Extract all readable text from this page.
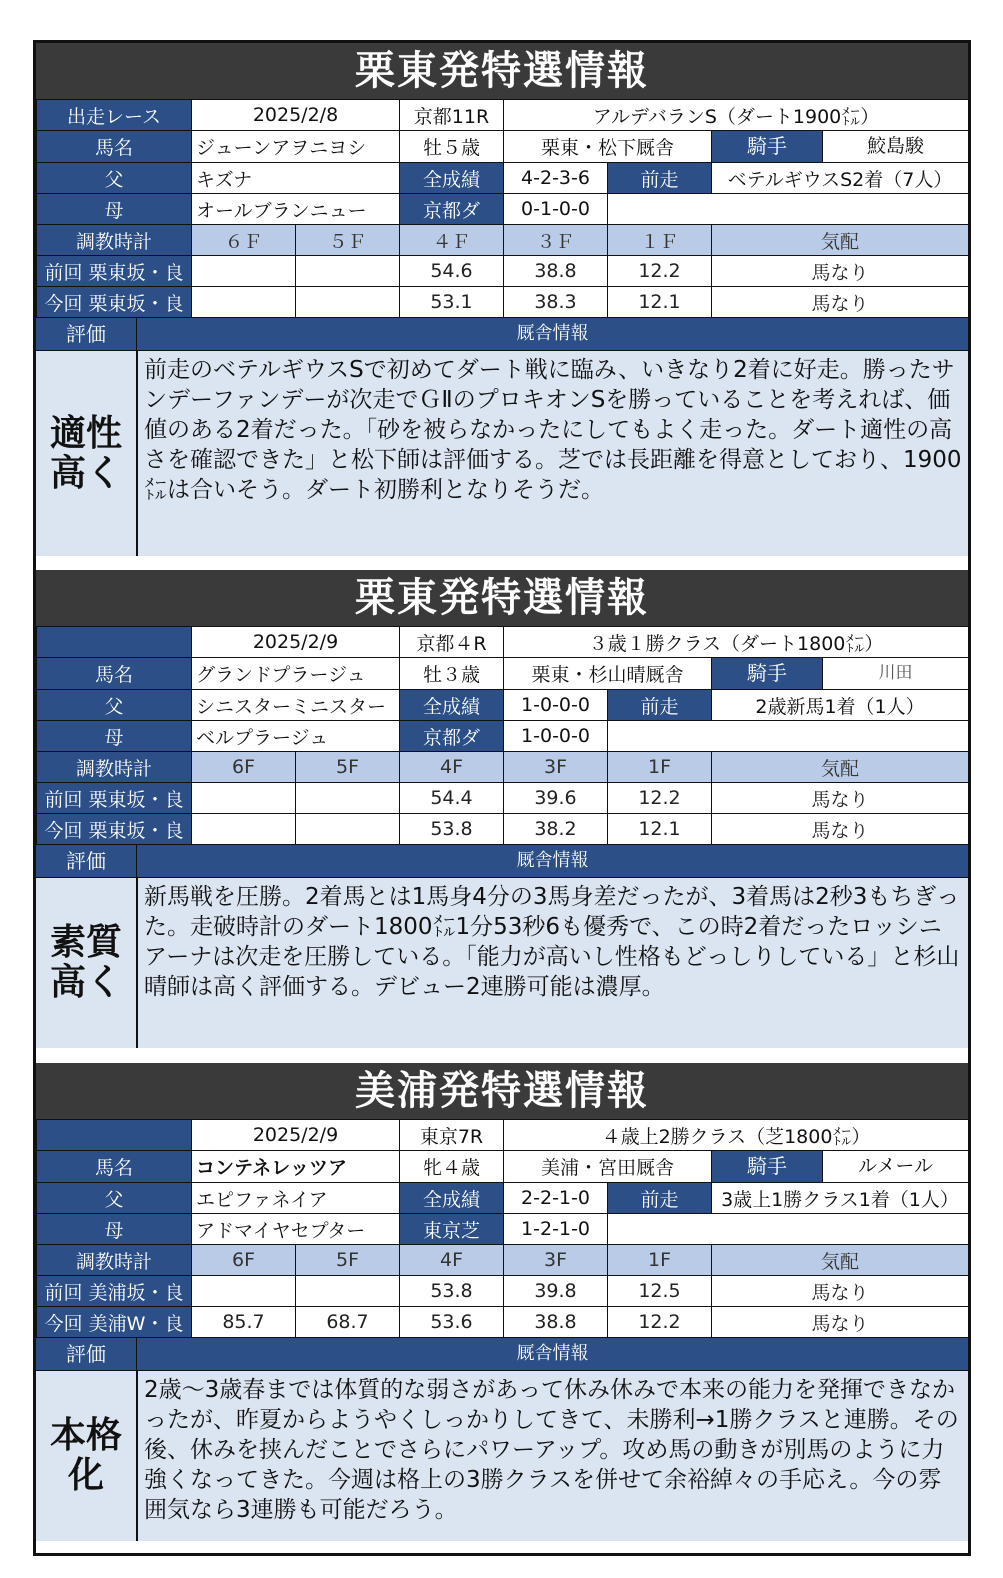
栗東発特選情報
出走レース	2025/2/8		京都11R	アルデバランS（ダート1900㍍）		
馬名	ジューンアヲニヨシ		牡５歳	栗東・松下厩舎		騎手 鮫島駿

父	キズナ		全成績	4-2-3-6	前走	ベテルギウスS2着（7人）
母	オールブランニュー		京都ダ	0-1-0-0		
調教時計	６Ｆ	５Ｆ	４Ｆ	３Ｆ	１Ｆ	気配
前回 栗東坂・良			54.6	38.8	12.2	馬なり
今回 栗東坂・良			53.1	38.3	12.1	馬なり
評価	厩舎情報
適性
高く
前走のベテルギウスSで初めてダート戦に臨み、いきなり2着に好走。勝ったサンデーファンデーが次走でＧⅡのプロキオンSを勝っていることを考えれば、価値のある2着だった。「砂を被らなかったにしてもよく走った。ダート適性の高さを確認できた」と松下師は評価する。芝では長距離を得意としており、1900㍍は合いそう。ダート初勝利となりそうだ。
栗東発特選情報
	2025/2/9		京都４R	３歳１勝クラス（ダート1800㍍）		
馬名	グランドプラージュ		牡３歳	栗東・杉山晴厩舎		騎手 川田

父	シニスターミニスター		全成績	1-0-0-0	前走	2歳新馬1着（1人）
母	ベルプラージュ		京都ダ	1-0-0-0		
調教時計	6F	5F	4F	3F	1F	気配
前回 栗東坂・良			54.4	39.6	12.2	馬なり
今回 栗東坂・良			53.8	38.2	12.1	馬なり
評価	厩舎情報
素質
高く
新馬戦を圧勝。2着馬とは1馬身4分の3馬身差だったが、3着馬は2秒3もちぎった。走破時計のダート1800㍍1分53秒6も優秀で、この時2着だったロッシニアーナは次走を圧勝している。「能力が高いし性格もどっしりしている」と杉山晴師は高く評価する。デビュー2連勝可能は濃厚。
美浦発特選情報
	2025/2/9		東京7R	４歳上2勝クラス（芝1800㍍）		
馬名	コンテネレッツア		牝４歳	美浦・宮田厩舎		騎手 ルメール

父	エピファネイア		全成績	2-2-1-0	前走	3歳上1勝クラス1着（1人）
母	アドマイヤセプター		東京芝	1-2-1-0		
調教時計	6F	5F	4F	3F	1F	気配
前回 美浦坂・良			53.8	39.8	12.5	馬なり
今回 美浦W・良	85.7	68.7	53.6	38.8	12.2	馬なり
評価	厩舎情報
本格
化
2歳～3歳春までは体質的な弱さがあって休み休みで本来の能力を発揮できなかったが、昨夏からようやくしっかりしてきて、未勝利→1勝クラスと連勝。その後、休みを挟んだことでさらにパワーアップ。攻め馬の動きが別馬のように力強くなってきた。今週は格上の3勝クラスを併せて余裕綽々の手応え。今の雰囲気なら3連勝も可能だろう。
